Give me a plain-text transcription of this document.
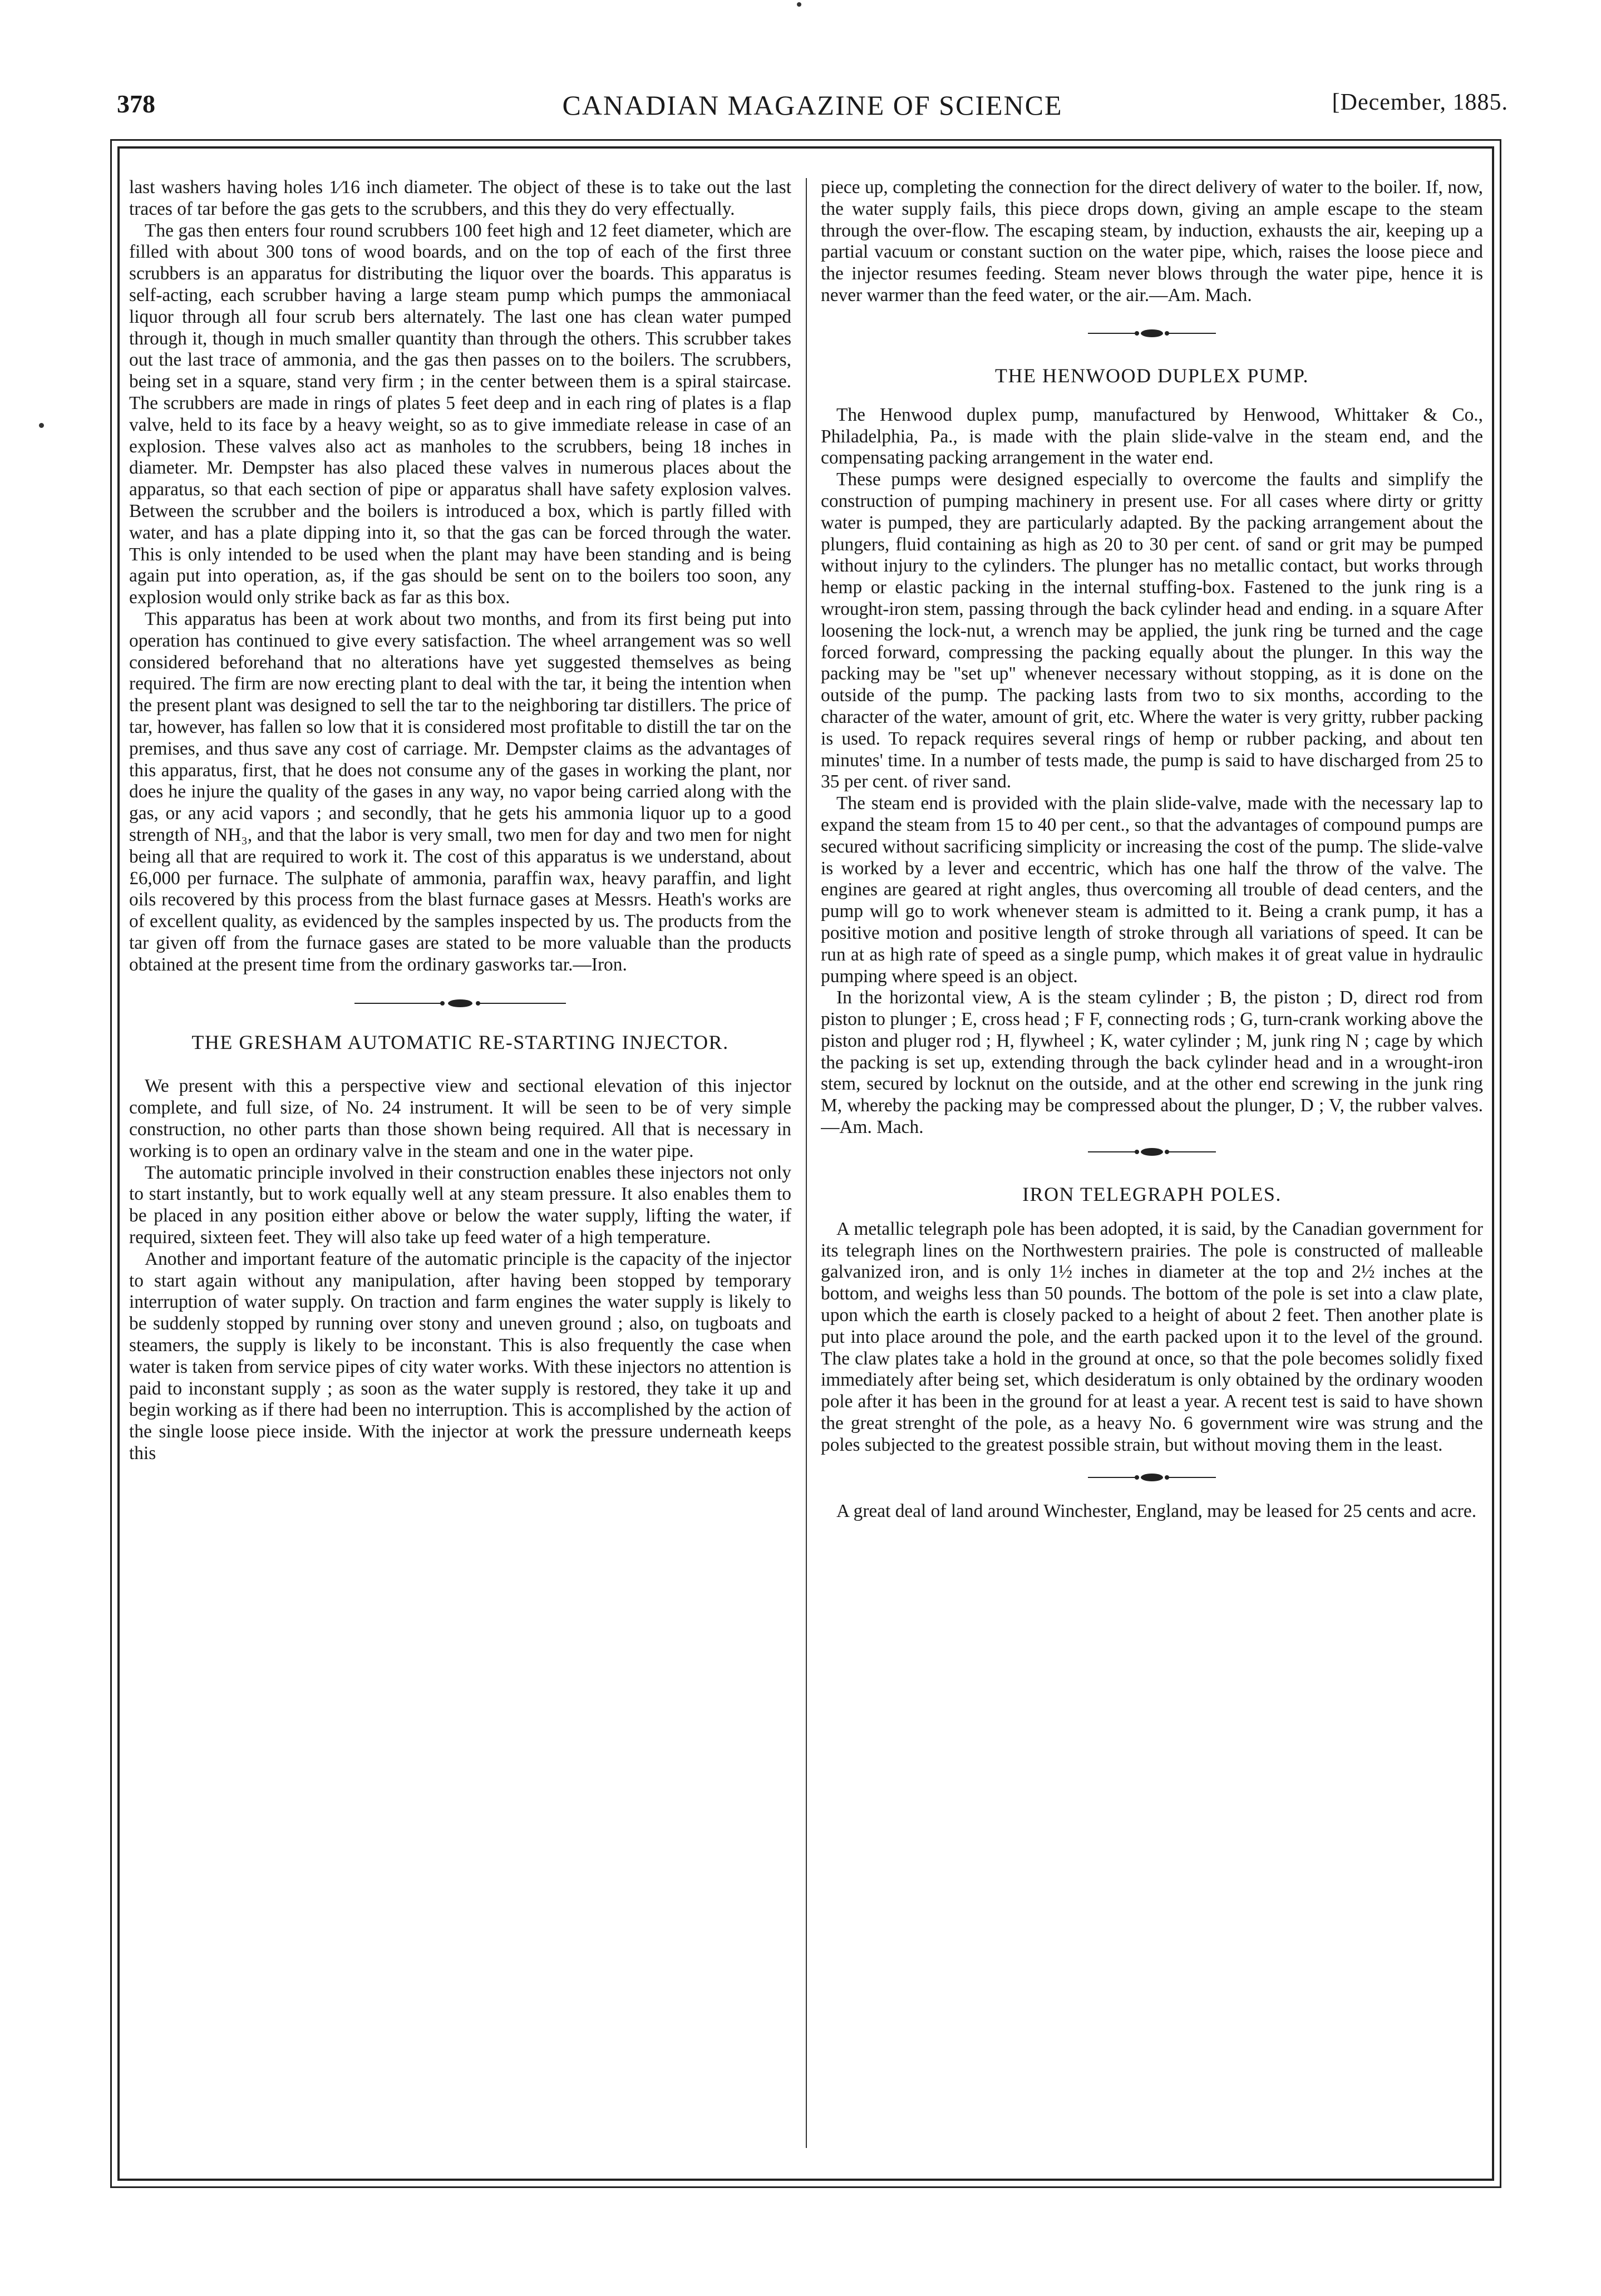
378	CANADIAN MAGAZINE OF SCIENCE	[December, 1885.

last washers having holes 1⁄16 inch diameter. The object of these is to take out the last traces of tar before the gas gets to the scrubbers, and this they do very effectually.

The gas then enters four round scrubbers 100 feet high and 12 feet diameter, which are filled with about 300 tons of wood boards, and on the top of each of the first three scrubbers is an apparatus for distributing the liquor over the boards. This apparatus is self-acting, each scrubber having a large steam pump which pumps the ammoniacal liquor through all four scrub bers alternately. The last one has clean water pumped through it, though in much smaller quantity than through the others. This scrubber takes out the last trace of ammonia, and the gas then passes on to the boilers. The scrubbers, being set in a square, stand very firm ; in the center between them is a spiral staircase. The scrubbers are made in rings of plates 5 feet deep and in each ring of plates is a flap valve, held to its face by a heavy weight, so as to give immediate release in case of an explosion. These valves also act as manholes to the scrubbers, being 18 inches in diameter. Mr. Dempster has also placed these valves in numerous places about the apparatus, so that each section of pipe or apparatus shall have safety explosion valves. Between the scrubber and the boilers is introduced a box, which is partly filled with water, and has a plate dipping into it, so that the gas can be forced through the water. This is only intended to be used when the plant may have been standing and is being again put into operation, as, if the gas should be sent on to the boilers too soon, any explosion would only strike back as far as this box.

This apparatus has been at work about two months, and from its first being put into operation has continued to give every satisfaction. The wheel arrangement was so well considered beforehand that no alterations have yet suggested themselves as being required. The firm are now erecting plant to deal with the tar, it being the intention when the present plant was designed to sell the tar to the neighboring tar distillers. The price of tar, however, has fallen so low that it is considered most profitable to distill the tar on the premises, and thus save any cost of carriage. Mr. Dempster claims as the advantages of this apparatus, first, that he does not consume any of the gases in working the plant, nor does he injure the quality of the gases in any way, no vapor being carried along with the gas, or any acid vapors ; and secondly, that he gets his ammonia liquor up to a good strength of NH₃, and that the labor is very small, two men for day and two men for night being all that are required to work it. The cost of this apparatus is we understand, about £6,000 per furnace. The sulphate of ammonia, paraffin wax, heavy paraffin, and light oils recovered by this process from the blast furnace gases at Messrs. Heath's works are of excellent quality, as evidenced by the samples inspected by us. The products from the tar given off from the furnace gases are stated to be more valuable than the products obtained at the present time from the ordinary gasworks tar.—Iron.

THE GRESHAM AUTOMATIC RE-STARTING INJECTOR.

We present with this a perspective view and sectional elevation of this injector complete, and full size, of No. 24 instrument. It will be seen to be of very simple construction, no other parts than those shown being required. All that is necessary in working is to open an ordinary valve in the steam and one in the water pipe.

The automatic principle involved in their construction enables these injectors not only to start instantly, but to work equally well at any steam pressure. It also enables them to be placed in any position either above or below the water supply, lifting the water, if required, sixteen feet. They will also take up feed water of a high temperature.

Another and important feature of the automatic principle is the capacity of the injector to start again without any manipulation, after having been stopped by temporary interruption of water supply. On traction and farm engines the water supply is likely to be suddenly stopped by running over stony and uneven ground ; also, on tugboats and steamers, the supply is likely to be inconstant. This is also frequently the case when water is taken from service pipes of city water works. With these injectors no attention is paid to inconstant supply ; as soon as the water supply is restored, they take it up and begin working as if there had been no interruption. This is accomplished by the action of the single loose piece inside. With the injector at work the pressure underneath keeps this

piece up, completing the connection for the direct delivery of water to the boiler. If, now, the water supply fails, this piece drops down, giving an ample escape to the steam through the over-flow. The escaping steam, by induction, exhausts the air, keeping up a partial vacuum or constant suction on the water pipe, which, raises the loose piece and the injector resumes feeding. Steam never blows through the water pipe, hence it is never warmer than the feed water, or the air.—Am. Mach.

THE HENWOOD DUPLEX PUMP.

The Henwood duplex pump, manufactured by Henwood, Whittaker & Co., Philadelphia, Pa., is made with the plain slide-valve in the steam end, and the compensating packing arrangement in the water end.

These pumps were designed especially to overcome the faults and simplify the construction of pumping machinery in present use. For all cases where dirty or gritty water is pumped, they are particularly adapted. By the packing arrangement about the plungers, fluid containing as high as 20 to 30 per cent. of sand or grit may be pumped without injury to the cylinders. The plunger has no metallic contact, but works through hemp or elastic packing in the internal stuffing-box. Fastened to the junk ring is a wrought-iron stem, passing through the back cylinder head and ending. in a square After loosening the lock-nut, a wrench may be applied, the junk ring be turned and the cage forced forward, compressing the packing equally about the plunger. In this way the packing may be "set up" whenever necessary without stopping, as it is done on the outside of the pump. The packing lasts from two to six months, according to the character of the water, amount of grit, etc. Where the water is very gritty, rubber packing is used. To repack requires several rings of hemp or rubber packing, and about ten minutes' time. In a number of tests made, the pump is said to have discharged from 25 to 35 per cent. of river sand.

The steam end is provided with the plain slide-valve, made with the necessary lap to expand the steam from 15 to 40 per cent., so that the advantages of compound pumps are secured without sacrificing simplicity or increasing the cost of the pump. The slide-valve is worked by a lever and eccentric, which has one half the throw of the valve. The engines are geared at right angles, thus overcoming all trouble of dead centers, and the pump will go to work whenever steam is admitted to it. Being a crank pump, it has a positive motion and positive length of stroke through all variations of speed. It can be run at as high rate of speed as a single pump, which makes it of great value in hydraulic pumping where speed is an object.

In the horizontal view, A is the steam cylinder ; B, the piston ; D, direct rod from piston to plunger ; E, cross head ; F F, connecting rods ; G, turn-crank working above the piston and pluger rod ; H, flywheel ; K, water cylinder ; M, junk ring N ; cage by which the packing is set up, extending through the back cylinder head and in a wrought-iron stem, secured by locknut on the outside, and at the other end screwing in the junk ring M, whereby the packing may be compressed about the plunger, D ; V, the rubber valves.—Am. Mach.

IRON TELEGRAPH POLES.

A metallic telegraph pole has been adopted, it is said, by the Canadian government for its telegraph lines on the Northwestern prairies. The pole is constructed of malleable galvanized iron, and is only 1½ inches in diameter at the top and 2½ inches at the bottom, and weighs less than 50 pounds. The bottom of the pole is set into a claw plate, upon which the earth is closely packed to a height of about 2 feet. Then another plate is put into place around the pole, and the earth packed upon it to the level of the ground. The claw plates take a hold in the ground at once, so that the pole becomes solidly fixed immediately after being set, which desideratum is only obtained by the ordinary wooden pole after it has been in the ground for at least a year. A recent test is said to have shown the great strenght of the pole, as a heavy No. 6 government wire was strung and the poles subjected to the greatest possible strain, but without moving them in the least.

A great deal of land around Winchester, England, may be leased for 25 cents and acre.
